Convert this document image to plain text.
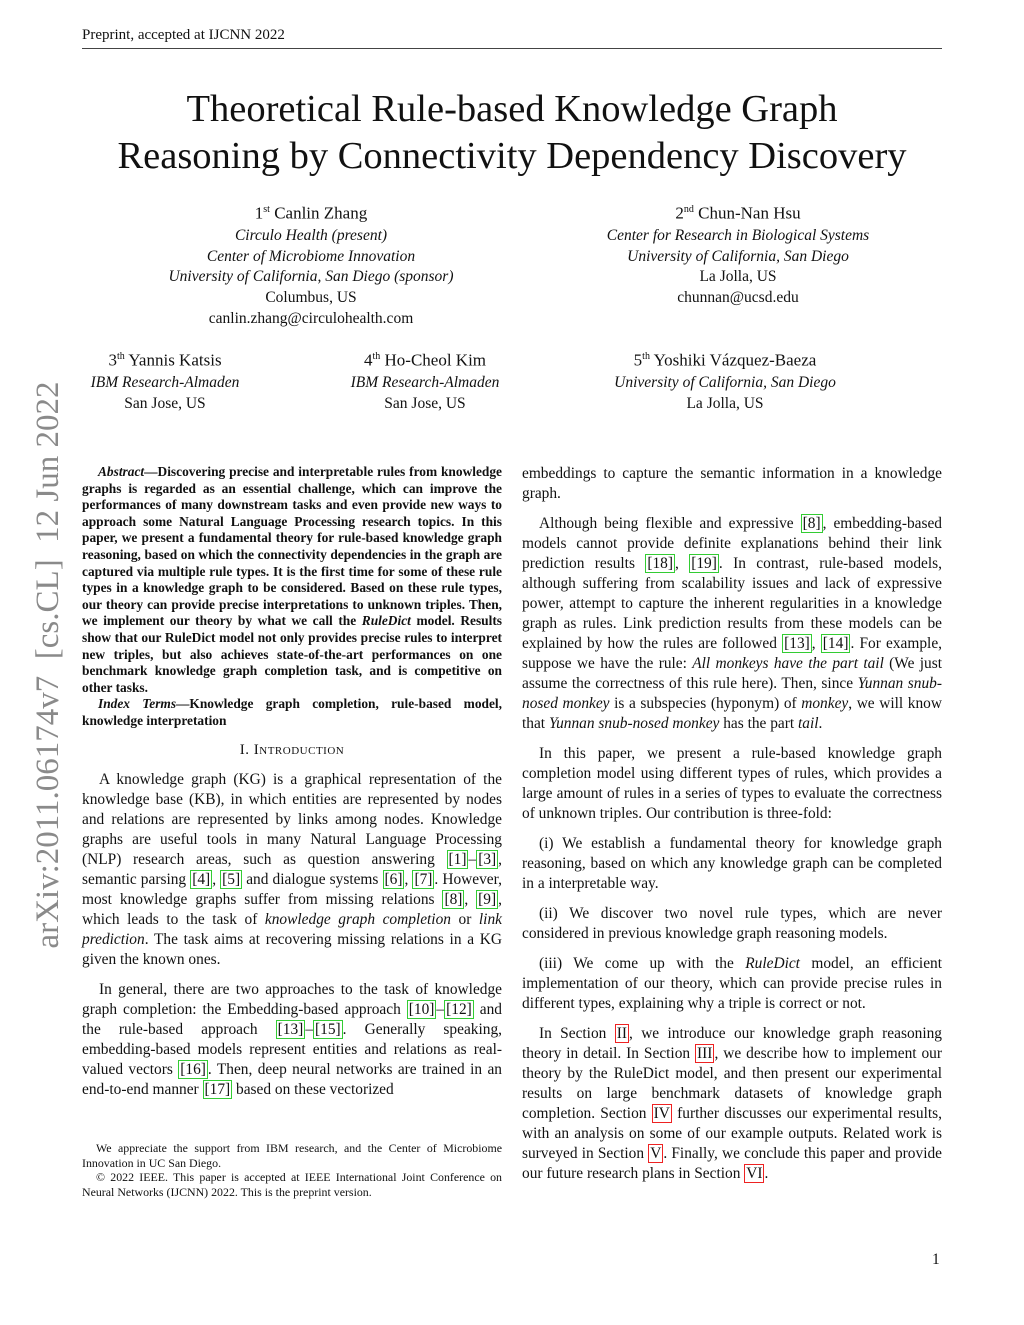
Preprint, accepted at IJCNN 2022
Theoretical Rule-based Knowledge Graph
Reasoning by Connectivity Dependency Discovery
1st Canlin Zhang
Circulo Health (present)
Center of Microbiome Innovation
University of California, San Diego (sponsor)
Columbus, US
canlin.zhang@circulohealth.com
2nd Chun-Nan Hsu
Center for Research in Biological Systems
University of California, San Diego
La Jolla, US
chunnan@ucsd.edu
3th Yannis Katsis
IBM Research-Almaden
San Jose, US
4th Ho-Cheol Kim
IBM Research-Almaden
San Jose, US
5th Yoshiki Vázquez-Baeza
University of California, San Diego
La Jolla, US
arXiv:2011.06174v7  [cs.CL]  12 Jun 2022	Abstract—Discovering precise and interpretable rules from knowledge graphs is regarded as an essential challenge, which can improve the performances of many downstream tasks and even provide new ways to approach some Natural Language Processing research topics. In this paper, we present a fundamental theory for rule-based knowledge graph reasoning, based on which the connectivity dependencies in the graph are captured via multiple rule types. It is the first time for some of these rule types in a knowledge graph to be considered. Based on these rule types, our theory can provide precise interpretations to unknown triples. Then, we implement our theory by what we call the RuleDict model. Results show that our RuleDict model not only provides precise rules to interpret new triples, but also achieves state-of-the-art performances on one benchmark knowledge graph completion task, and is competitive on other tasks.

Index Terms—Knowledge graph completion, rule-based model, knowledge interpretation

I. Introduction

A knowledge graph (KG) is a graphical representation of the knowledge base (KB), in which entities are represented by nodes and relations are represented by links among nodes. Knowledge graphs are useful tools in many Natural Language Processing (NLP) research areas, such as question answering [1] – [3] , semantic parsing [4] , [5] and dialogue systems [6] , [7] . However, most knowledge graphs suffer from missing relations [8] , [9] , which leads to the task of knowledge graph completion or link prediction. The task aims at recovering missing relations in a KG given the known ones.

In general, there are two approaches to the task of knowledge graph completion: the Embedding-based approach [10] – [12] and the rule-based approach [13] – [15] . Generally speaking, embedding-based models represent entities and relations as real-valued vectors [16] . Then, deep neural networks are trained in an end-to-end manner [17] based on these vectorized

We appreciate the support from IBM research, and the Center of Microbiome Innovation in UC San Diego.

© 2022 IEEE. This paper is accepted at IEEE International Joint Conference on Neural Networks (IJCNN) 2022. This is the preprint version.

embeddings to capture the semantic information in a knowledge graph.

Although being flexible and expressive [8] , embedding-based models cannot provide definite explanations behind their link prediction results [18] , [19] . In contrast, rule-based models, although suffering from scalability issues and lack of expressive power, attempt to capture the inherent regularities in a knowledge graph as rules. Link prediction results from these models can be explained by how the rules are followed [13] , [14] . For example, suppose we have the rule: All monkeys have the part tail (We just assume the correctness of this rule here). Then, since Yunnan snub-nosed monkey is a subspecies (hyponym) of monkey, we will know that Yunnan snub-nosed monkey has the part tail.

In this paper, we present a rule-based knowledge graph completion model using different types of rules, which provides a large amount of rules in a series of types to evaluate the correctness of unknown triples. Our contribution is three-fold:

(i) We establish a fundamental theory for knowledge graph reasoning, based on which any knowledge graph can be completed in a interpretable way.

(ii) We discover two novel rule types, which are never considered in previous knowledge graph reasoning models.

(iii) We come up with the RuleDict model, an efficient implementation of our theory, which can provide precise rules in different types, explaining why a triple is correct or not.

In Section II , we introduce our knowledge graph reasoning theory in detail. In Section III , we describe how to implement our theory by the RuleDict model, and then present our experimental results on large benchmark datasets of knowledge graph completion. Section IV further discusses our experimental results, with an analysis on some of our example outputs. Related work is surveyed in Section V . Finally, we conclude this paper and provide our future research plans in Section VI .

1
